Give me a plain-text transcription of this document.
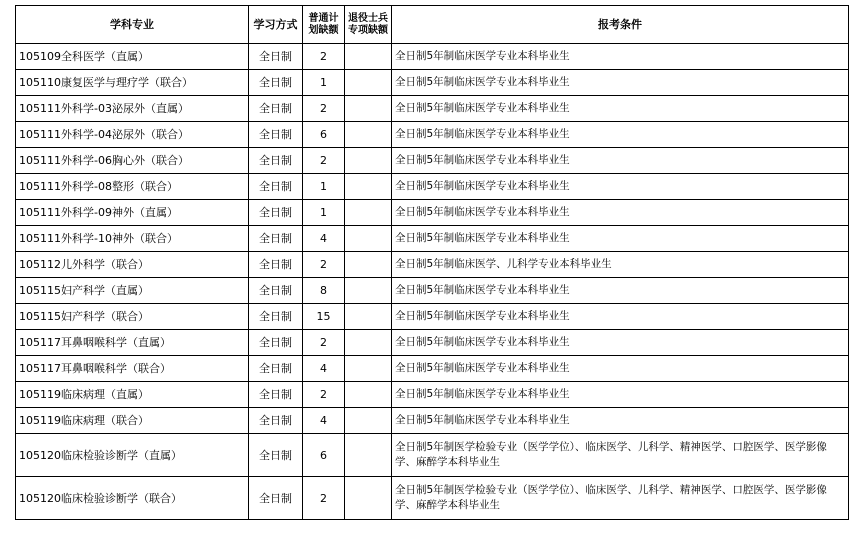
学科专业	学习方式	普通计划缺额	退役士兵专项缺额	报考条件
105109全科医学（直属）	全日制	2		全日制5年制临床医学专业本科毕业生
105110康复医学与理疗学（联合）	全日制	1		全日制5年制临床医学专业本科毕业生
105111外科学-03泌尿外（直属）	全日制	2		全日制5年制临床医学专业本科毕业生
105111外科学-04泌尿外（联合）	全日制	6		全日制5年制临床医学专业本科毕业生
105111外科学-06胸心外（联合）	全日制	2		全日制5年制临床医学专业本科毕业生
105111外科学-08整形（联合）	全日制	1		全日制5年制临床医学专业本科毕业生
105111外科学-09神外（直属）	全日制	1		全日制5年制临床医学专业本科毕业生
105111外科学-10神外（联合）	全日制	4		全日制5年制临床医学专业本科毕业生
105112儿外科学（联合）	全日制	2		全日制5年制临床医学、儿科学专业本科毕业生
105115妇产科学（直属）	全日制	8		全日制5年制临床医学专业本科毕业生
105115妇产科学（联合）	全日制	15		全日制5年制临床医学专业本科毕业生
105117耳鼻咽喉科学（直属）	全日制	2		全日制5年制临床医学专业本科毕业生
105117耳鼻咽喉科学（联合）	全日制	4		全日制5年制临床医学专业本科毕业生
105119临床病理（直属）	全日制	2		全日制5年制临床医学专业本科毕业生
105119临床病理（联合）	全日制	4		全日制5年制临床医学专业本科毕业生
105120临床检验诊断学（直属）	全日制	6		全日制5年制医学检验专业（医学学位）、临床医学、儿科学、精神医学、口腔医学、医学影像学、麻醉学本科毕业生
105120临床检验诊断学（联合）	全日制	2		全日制5年制医学检验专业（医学学位）、临床医学、儿科学、精神医学、口腔医学、医学影像学、麻醉学本科毕业生
